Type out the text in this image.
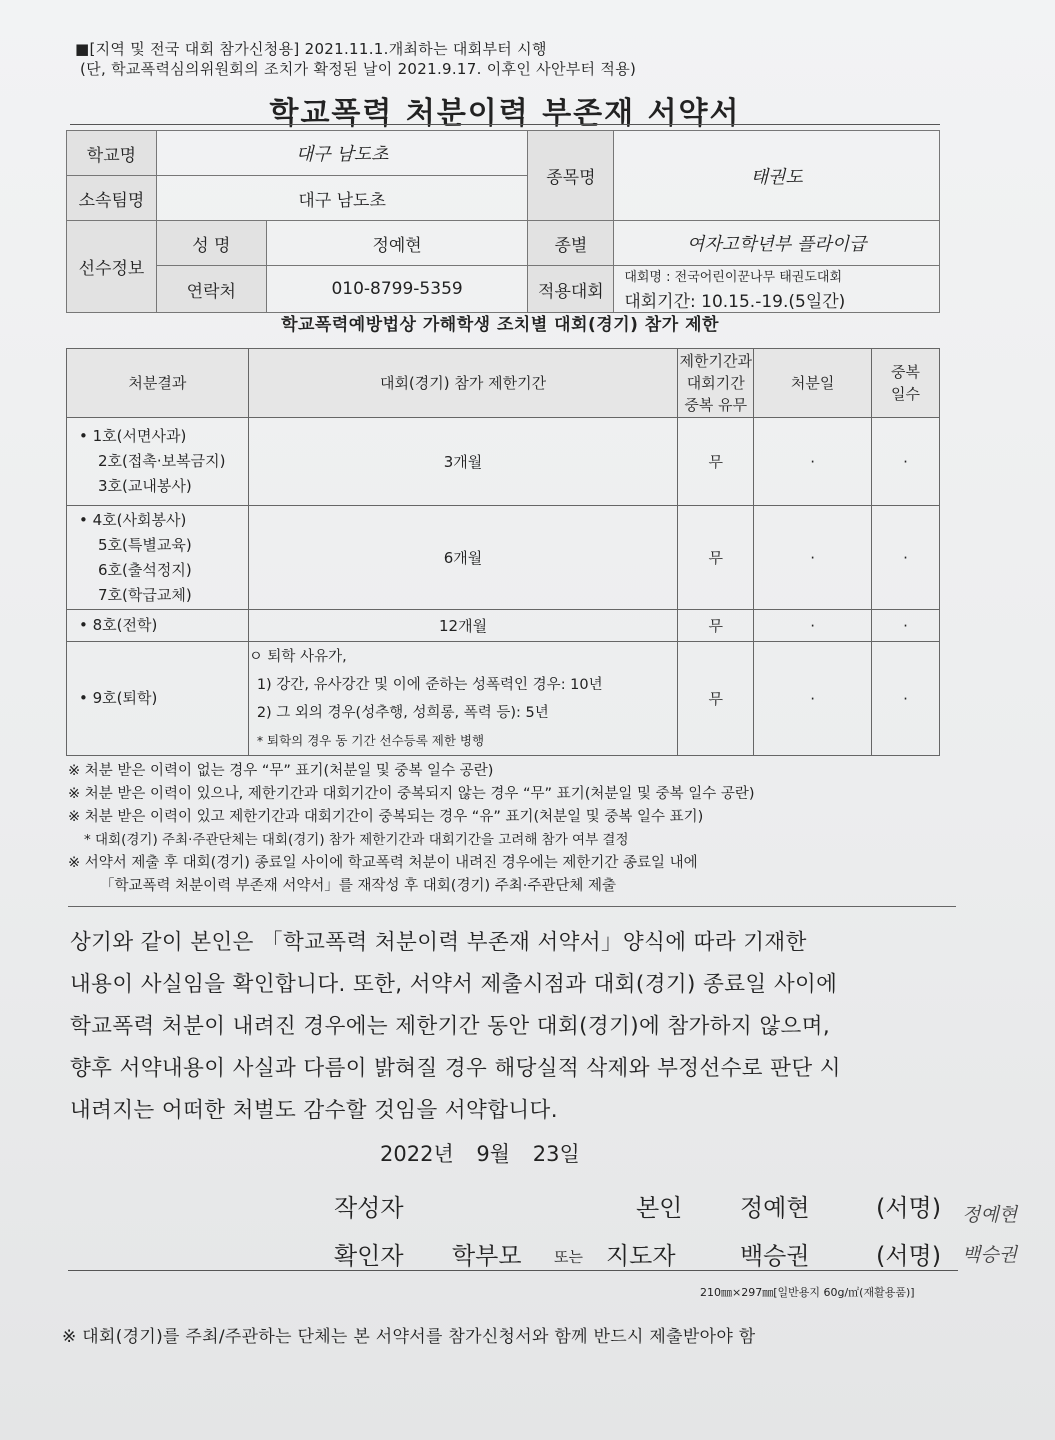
■[지역 및 전국 대회 참가신청용] 2021.11.1.개최하는 대회부터 시행
(단, 학교폭력심의위원회의 조치가 확정된 날이 2021.9.17. 이후인 사안부터 적용)
학교폭력 처분이력 부존재 서약서
학교명	대구 남도초		종목명	태권도
소속팀명	대구 남도초			
선수정보	성 명	정예현	종별	여자고학년부 플라이급
	연락처	010-8799-5359	적용대회	대회명 : 전국어린이꾼나무 태권도대회
대회기간: 10.15.-19.(5일간)
학교폭력예방법상 가해학생 조치별 대회(경기) 참가 제한
처분결과	대회(경기) 참가 제한기간	제한기간과
대회기간
중복 유무	처분일	중복
일수

• 1호(서면사과)
2호(접촉·보복금지)
3호(교내봉사)	3개월	무	·	·

• 4호(사회봉사)
5호(특별교육)
6호(출석정지)
7호(학급교체)	6개월	무	·	·

• 8호(전학)	12개월	무	·	·

• 9호(퇴학)	ㅇ 퇴학 사유가,
1) 강간, 유사강간 및 이에 준하는 성폭력인 경우: 10년
2) 그 외의 경우(성추행, 성희롱, 폭력 등): 5년
* 퇴학의 경우 동 기간 선수등록 제한 병행	무	·	·
※ 처분 받은 이력이 없는 경우 “무” 표기(처분일 및 중복 일수 공란)
※ 처분 받은 이력이 있으나, 제한기간과 대회기간이 중복되지 않는 경우 “무” 표기(처분일 및 중복 일수 공란)
※ 처분 받은 이력이 있고 제한기간과 대회기간이 중복되는 경우 “유” 표기(처분일 및 중복 일수 표기)
* 대회(경기) 주최·주관단체는 대회(경기) 참가 제한기간과 대회기간을 고려해 참가 여부 결정
※ 서약서 제출 후 대회(경기) 종료일 사이에 학교폭력 처분이 내려진 경우에는 제한기간 종료일 내에
「학교폭력 처분이력 부존재 서약서」를 재작성 후 대회(경기) 주최·주관단체 제출
상기와 같이 본인은 「학교폭력 처분이력 부존재 서약서」양식에 따라 기재한
내용이 사실임을 확인합니다. 또한, 서약서 제출시점과 대회(경기) 종료일 사이에
학교폭력 처분이 내려진 경우에는 제한기간 동안 대회(경기)에 참가하지 않으며,
향후 서약내용이 사실과 다름이 밝혀질 경우 해당실적 삭제와 부정선수로 판단 시
내려지는 어떠한 처벌도 감수할 것임을 서약합니다.
2022년 9월 23일
작성자	본인 정예현	(서명) 정예현
확인자 학부모 또는 지도자	백승권	(서명) 백승권
210㎜×297㎜[일반용지 60g/㎡(재활용품)]
※ 대회(경기)를 주최/주관하는 단체는 본 서약서를 참가신청서와 함께 반드시 제출받아야 함
